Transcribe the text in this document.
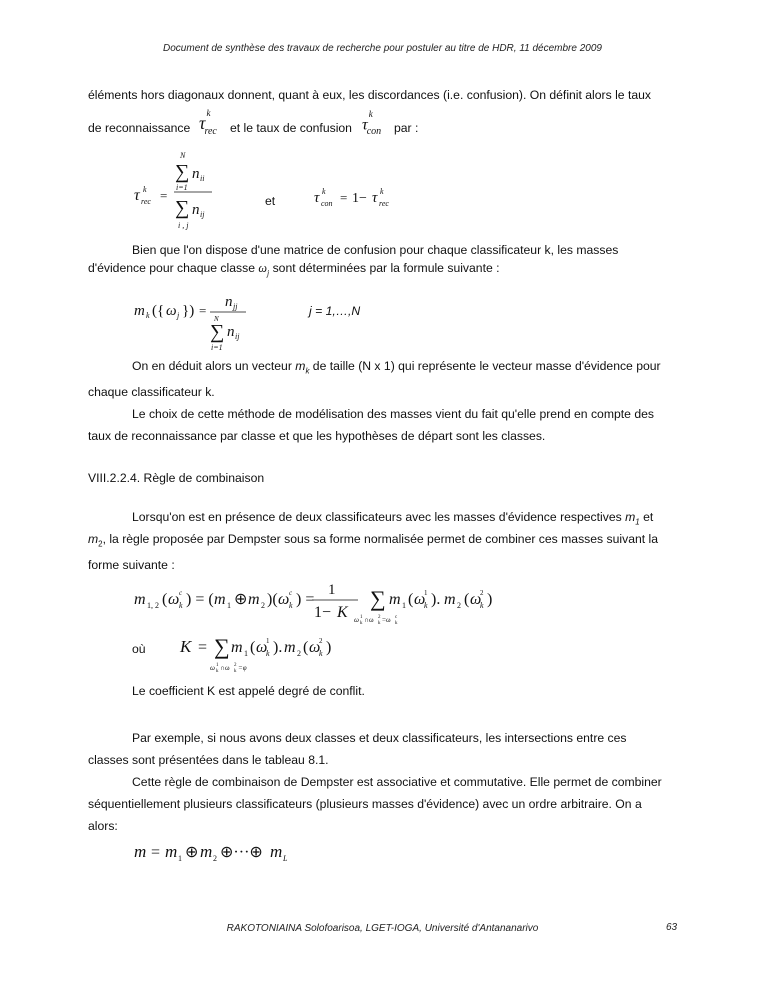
Document de synthèse des travaux de recherche pour postuler au titre de HDR, 11 décembre 2009

éléments hors diagonaux donnent, quant à eux, les discordances (i.e. confusion). On définit alors le taux

de reconnaissance $\tau^k_{rec}$	et le taux de confusion $\tau^k_{con}$	par :

τ k
rec =
N
∑ n ii
i=1
∑ n ij
i , j

et	τ k
con = 1− τ k
rec

Bien que l'on dispose d'une matrice de confusion pour chaque classificateur k, les masses

d'évidence pour chaque classe $\omega_j$ sont déterminées par la formule suivante :

m k ({ ω j }) =
n jj
N
∑ n ij
i=1

j = 1,…,N

On en déduit alors un vecteur $m_k$ de taille (N x 1) qui représente le vecteur masse d'évidence pour

chaque classificateur k.

Le choix de cette méthode de modélisation des masses vient du fait qu'elle prend en compte des

taux de reconnaissance par classe et que les hypothèses de départ sont les classes.

VIII.2.2.4. Règle de combinaison

Lorsqu'on est en présence de deux classificateurs avec les masses d'évidence respectives $m_1$ et

$m_2$, la règle proposée par Dempster sous sa forme normalisée permet de combiner ces masses suivant la

forme suivante :

m 1, 2 ( ω c
k ) = ( m 1 ⊕ m 2 )( ω c
k ) =
1
1− K
∑ m 1 ( ω
1
k ). m 2 ( ω
2
k )
ω k
1 ∩ω k
2 =ω k
c

où K = ∑ m 1 ( ω
1
k ). m 2 ( ω
2
k )
ω k
1 ∩ω k
2 =φ

Le coefficient K est appelé degré de conflit.

Par exemple, si nous avons deux classes et deux classificateurs, les intersections entre ces

classes sont présentées dans le tableau 8.1.

Cette règle de combinaison de Dempster est associative et commutative. Elle permet de combiner

séquentiellement plusieurs classificateurs (plusieurs masses d'évidence) avec un ordre arbitraire. On a

alors:

m = m 1 ⊕ m 2 ⊕···⊕ m L
RAKOTONIAINA Solofoarisoa, LGET-IOGA, Université d'Antananarivo	63
